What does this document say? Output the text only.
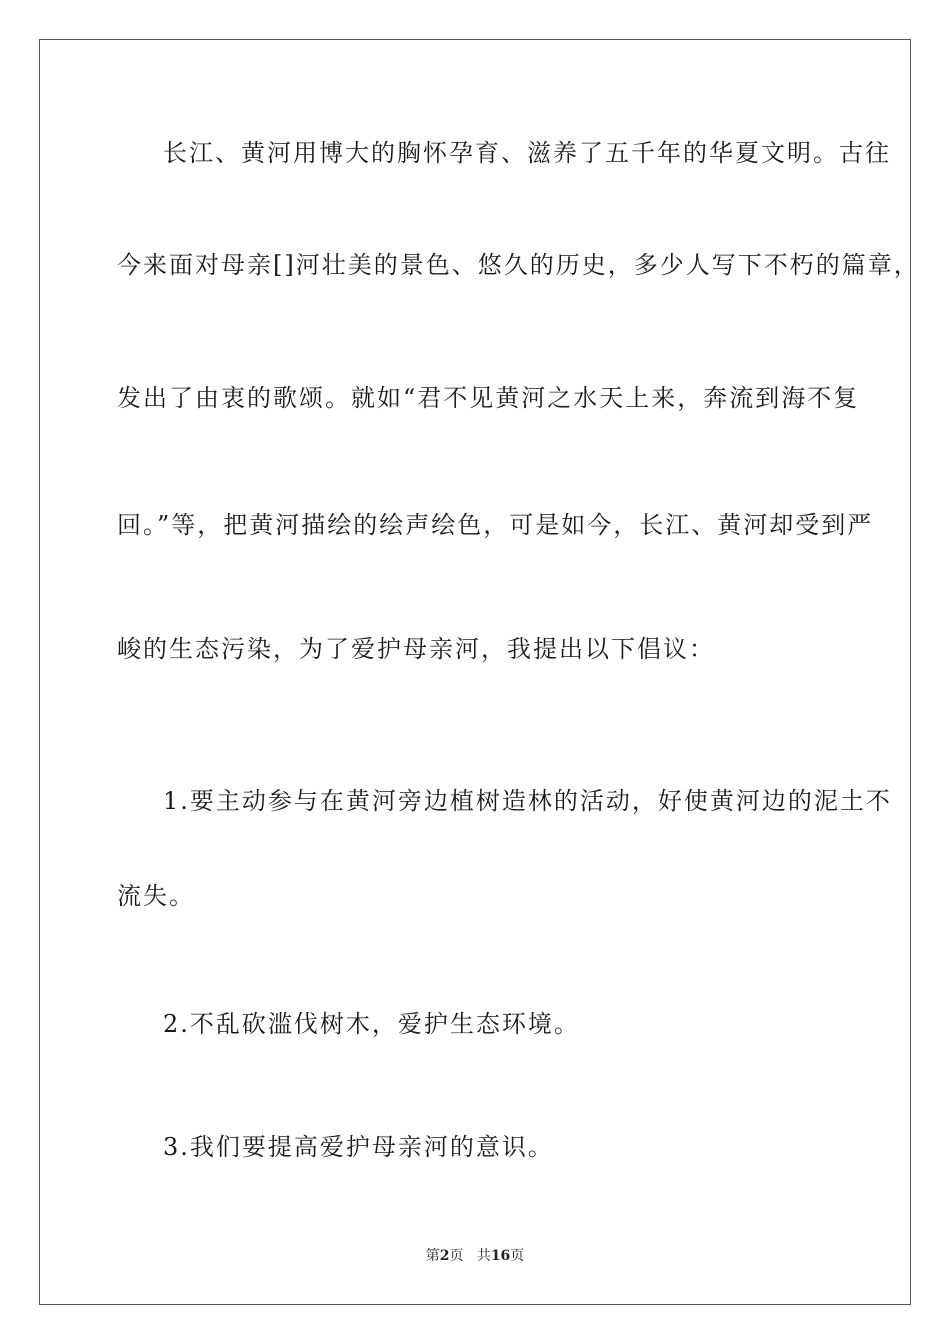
长江、黄河用博大的胸怀孕育、滋养了五千年的华夏文明。古往
今来面对母亲[]河壮美的景色、悠久的历史，多少人写下不朽的篇章，
发出了由衷的歌颂。就如“君不见黄河之水天上来，奔流到海不复
回。”等，把黄河描绘的绘声绘色，可是如今，长江、黄河却受到严
峻的生态污染，为了爱护母亲河，我提出以下倡议：
1.要主动参与在黄河旁边植树造林的活动，好使黄河边的泥土不
流失。
2.不乱砍滥伐树木，爱护生态环境。
3.我们要提高爱护母亲河的意识。
第2页 共16页
